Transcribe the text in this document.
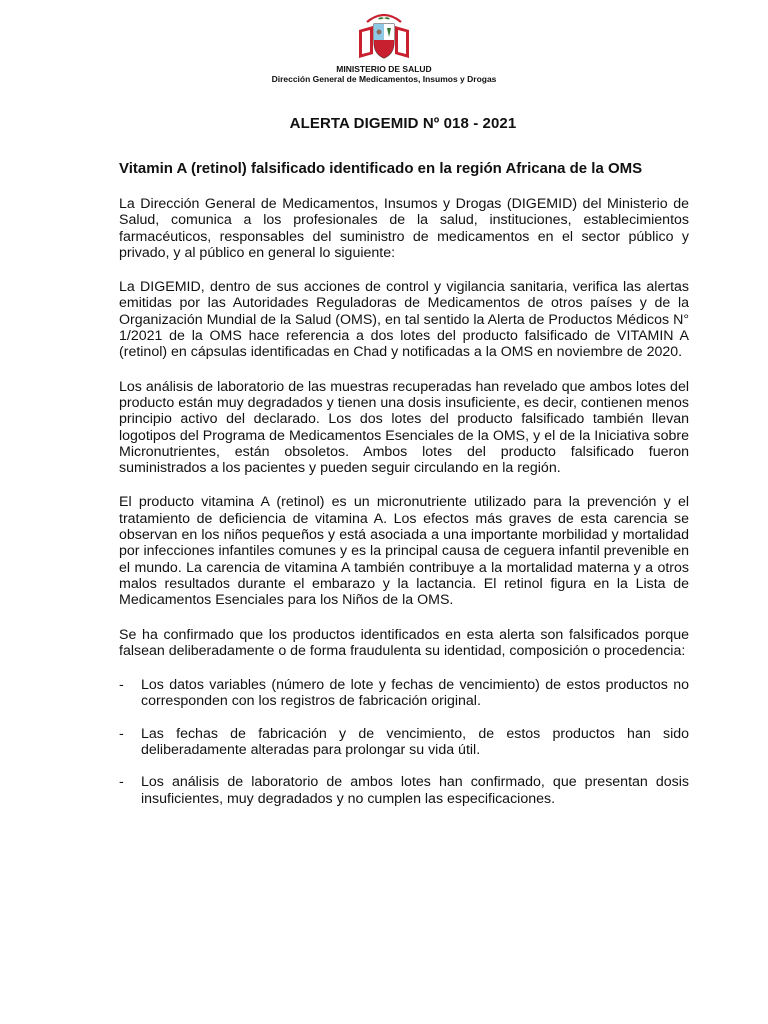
MINISTERIO DE SALUD
Dirección General de Medicamentos, Insumos y Drogas
ALERTA DIGEMID Nº 018 - 2021
Vitamin A (retinol) falsificado identificado en la región Africana de la OMS

La Dirección General de Medicamentos, Insumos y Drogas (DIGEMID) del Ministerio de Salud, comunica a los profesionales de la salud, instituciones, establecimientos farmacéuticos, responsables del suministro de medicamentos en el sector público y privado, y al público en general lo siguiente:

La DIGEMID, dentro de sus acciones de control y vigilancia sanitaria, verifica las alertas emitidas por las Autoridades Reguladoras de Medicamentos de otros países y de la Organización Mundial de la Salud (OMS), en tal sentido la Alerta de Productos Médicos N° 1/2021 de la OMS hace referencia a dos lotes del producto falsificado de VITAMIN A (retinol) en cápsulas identificadas en Chad y notificadas a la OMS en noviembre de 2020.

Los análisis de laboratorio de las muestras recuperadas han revelado que ambos lotes del producto están muy degradados y tienen una dosis insuficiente, es decir, contienen menos principio activo del declarado. Los dos lotes del producto falsificado también llevan logotipos del Programa de Medicamentos Esenciales de la OMS, y el de la Iniciativa sobre Micronutrientes, están obsoletos. Ambos lotes del producto falsificado fueron suministrados a los pacientes y pueden seguir circulando en la región.

El producto vitamina A (retinol) es un micronutriente utilizado para la prevención y el tratamiento de deficiencia de vitamina A. Los efectos más graves de esta carencia se observan en los niños pequeños y está asociada a una importante morbilidad y mortalidad por infecciones infantiles comunes y es la principal causa de ceguera infantil prevenible en el mundo. La carencia de vitamina A también contribuye a la mortalidad materna y a otros malos resultados durante el embarazo y la lactancia. El retinol figura en la Lista de Medicamentos Esenciales para los Niños de la OMS.

Se ha confirmado que los productos identificados en esta alerta son falsificados porque falsean deliberadamente o de forma fraudulenta su identidad, composición o procedencia:

- Los datos variables (número de lote y fechas de vencimiento) de estos productos no corresponden con los registros de fabricación original.
- Las fechas de fabricación y de vencimiento, de estos productos han sido deliberadamente alteradas para prolongar su vida útil.
- Los análisis de laboratorio de ambos lotes han confirmado, que presentan dosis insuficientes, muy degradados y no cumplen las especificaciones.
